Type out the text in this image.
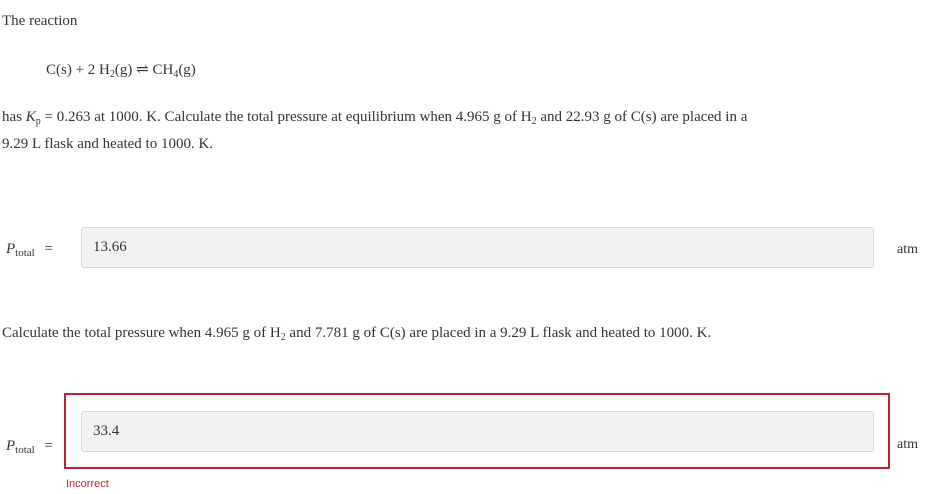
The reaction
C(s) + 2 $H_2(g)$ ⇌ $CH_4(g)$
has $K_p = 0.263$ at 1000. K. Calculate the total pressure at equilibrium when 4.965 g of $H_2$ and 22.93 g of C(s) are placed in a
9.29 L flask and heated to 1000. K.
$P_{total}$ =
13.66	atm
Calculate the total pressure when 4.965 g of $H_2$ and 7.781 g of C(s) are placed in a 9.29 L flask and heated to 1000. K.
$P_{total}$ =
33.4	atm
Incorrect
